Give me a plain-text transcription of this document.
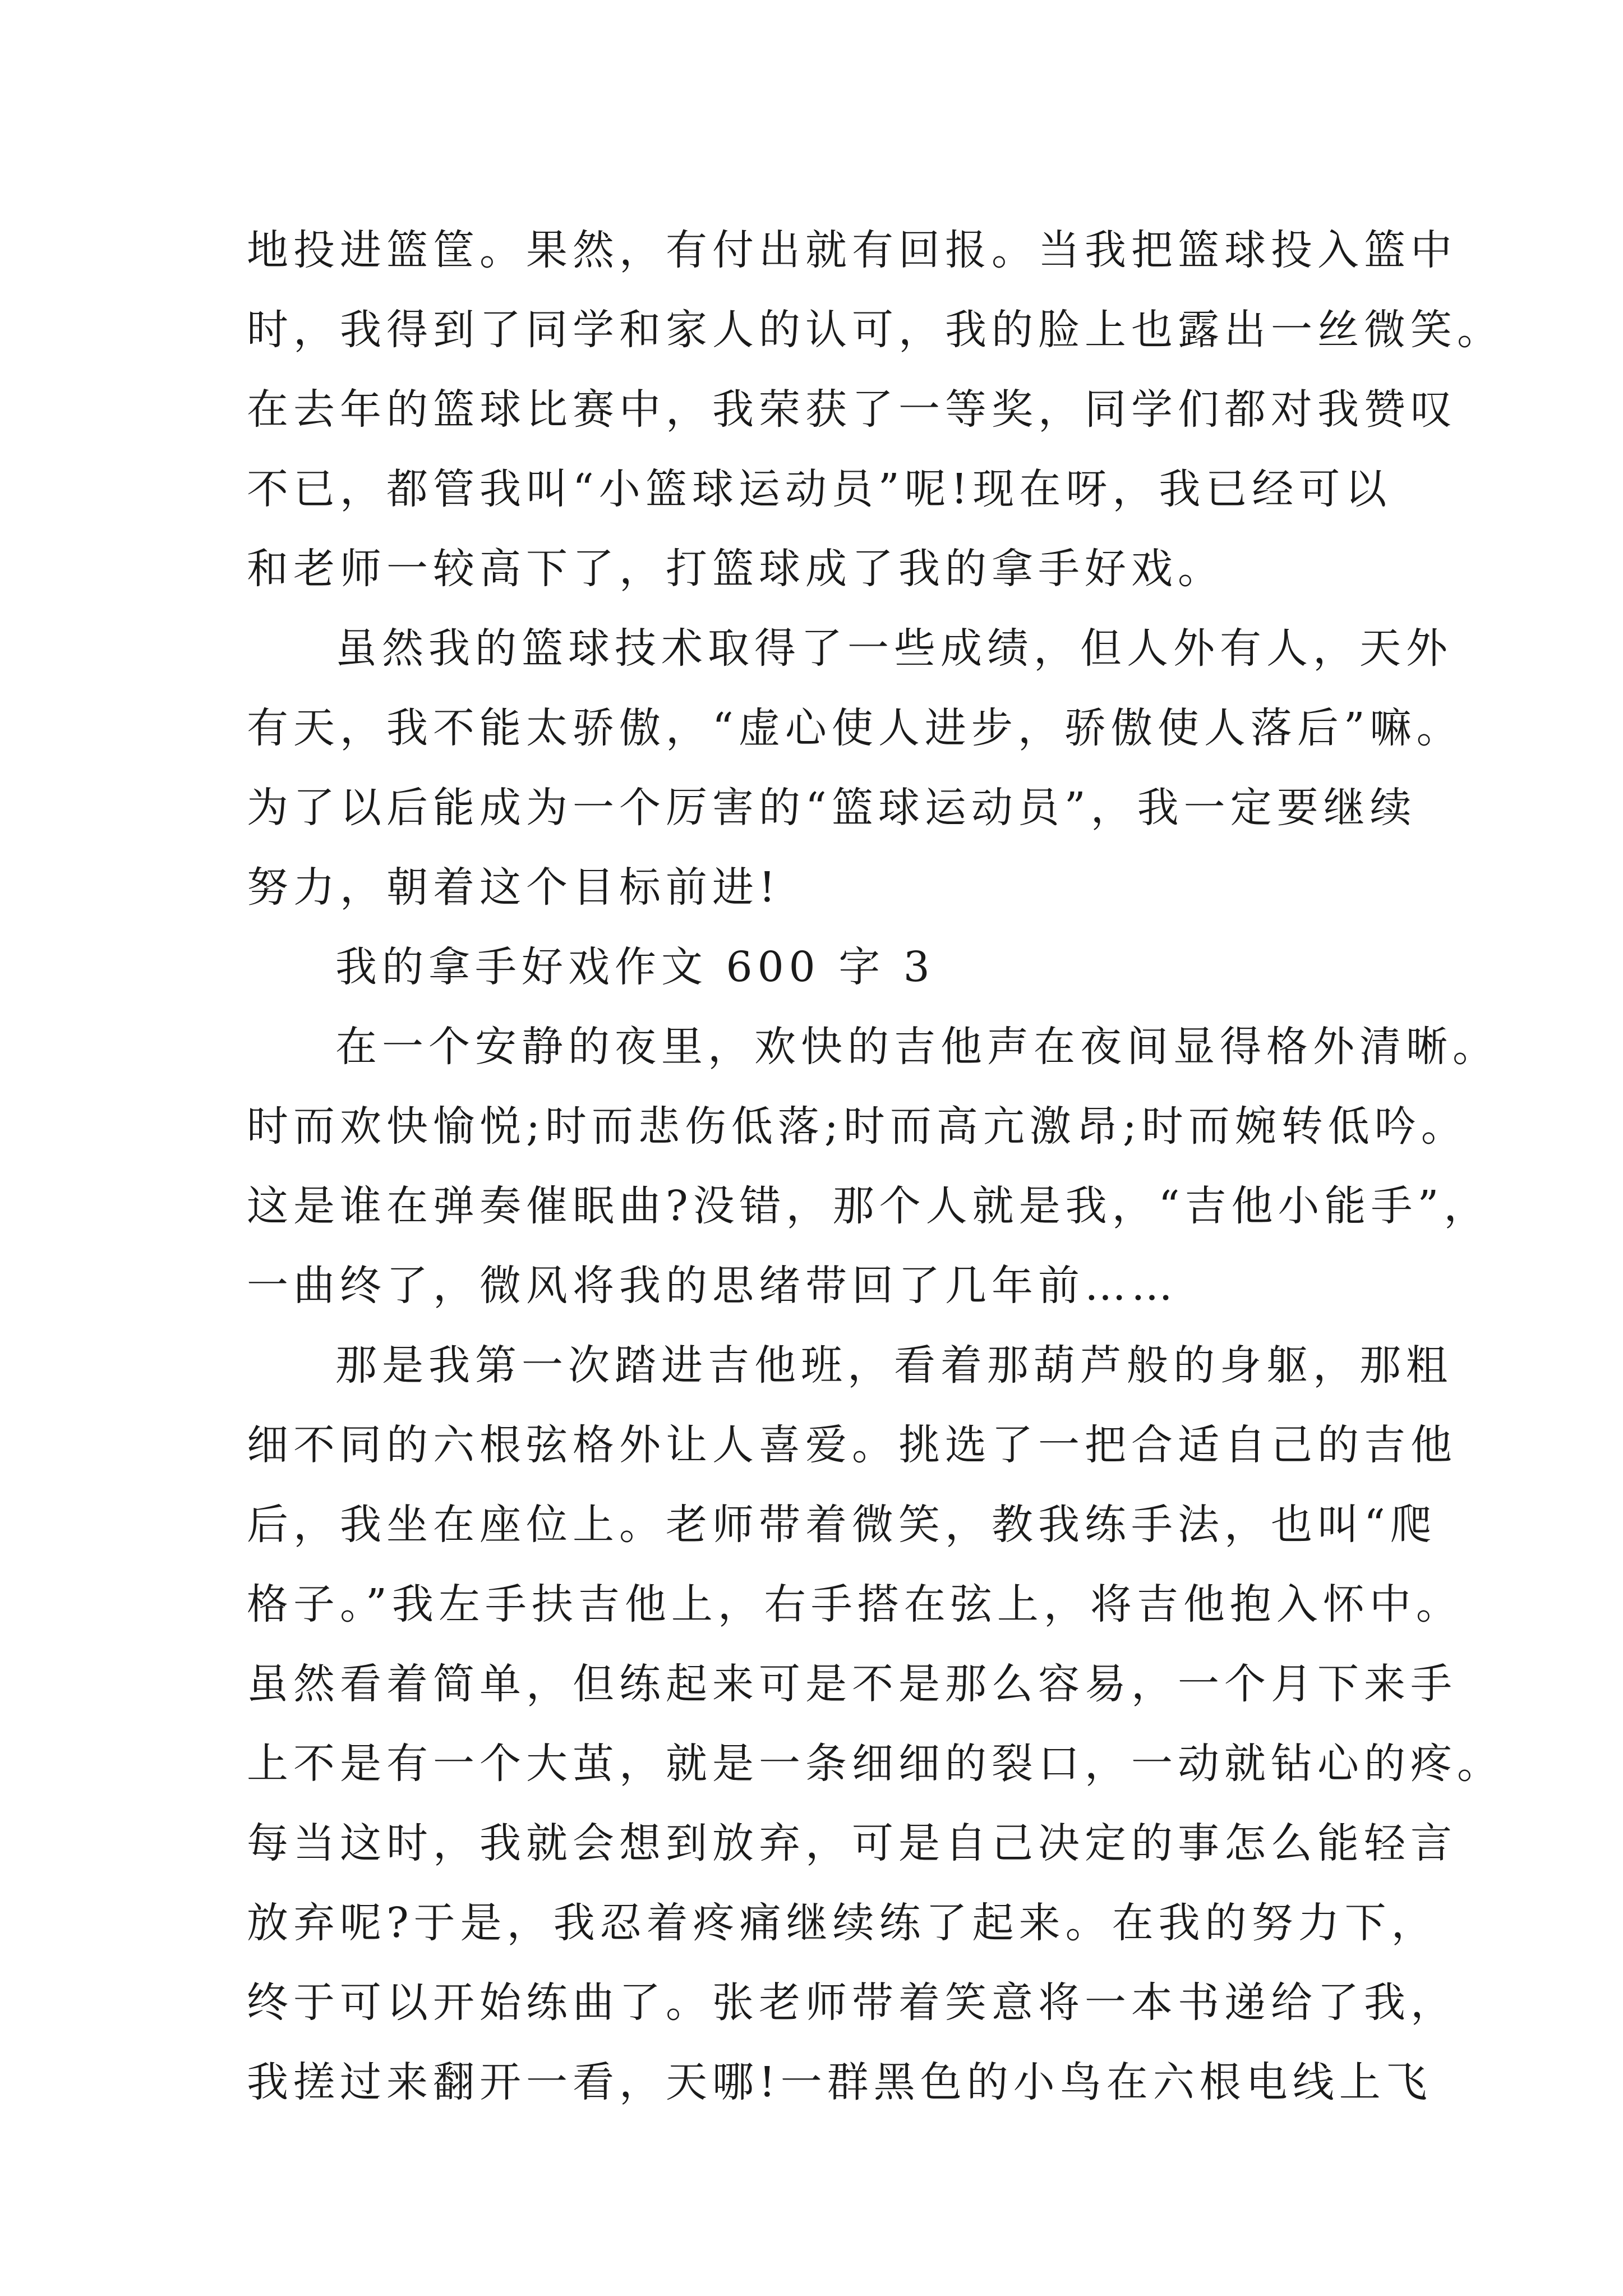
地投进篮筐。果然，有付出就有回报。当我把篮球投入篮中
时，我得到了同学和家人的认可，我的脸上也露出一丝微笑。
在去年的篮球比赛中，我荣获了一等奖，同学们都对我赞叹
不已，都管我叫“小篮球运动员”呢!现在呀，我已经可以
和老师一较高下了，打篮球成了我的拿手好戏。
虽然我的篮球技术取得了一些成绩，但人外有人，天外
有天，我不能太骄傲，“虚心使人进步，骄傲使人落后”嘛。
为了以后能成为一个厉害的“篮球运动员”，我一定要继续
努力，朝着这个目标前进!
我的拿手好戏作文 600 字 3
在一个安静的夜里，欢快的吉他声在夜间显得格外清晰。
时而欢快愉悦;时而悲伤低落;时而高亢激昂;时而婉转低吟。
这是谁在弹奏催眠曲?没错，那个人就是我，“吉他小能手”，
一曲终了，微风将我的思绪带回了几年前……
那是我第一次踏进吉他班，看着那葫芦般的身躯，那粗
细不同的六根弦格外让人喜爱。挑选了一把合适自己的吉他
后，我坐在座位上。老师带着微笑，教我练手法，也叫“爬
格子。”我左手扶吉他上，右手搭在弦上，将吉他抱入怀中。
虽然看着简单，但练起来可是不是那么容易，一个月下来手
上不是有一个大茧，就是一条细细的裂口，一动就钻心的疼。
每当这时，我就会想到放弃，可是自己决定的事怎么能轻言
放弃呢?于是，我忍着疼痛继续练了起来。在我的努力下，
终于可以开始练曲了。张老师带着笑意将一本书递给了我，
我搓过来翻开一看，天哪!一群黑色的小鸟在六根电线上飞
